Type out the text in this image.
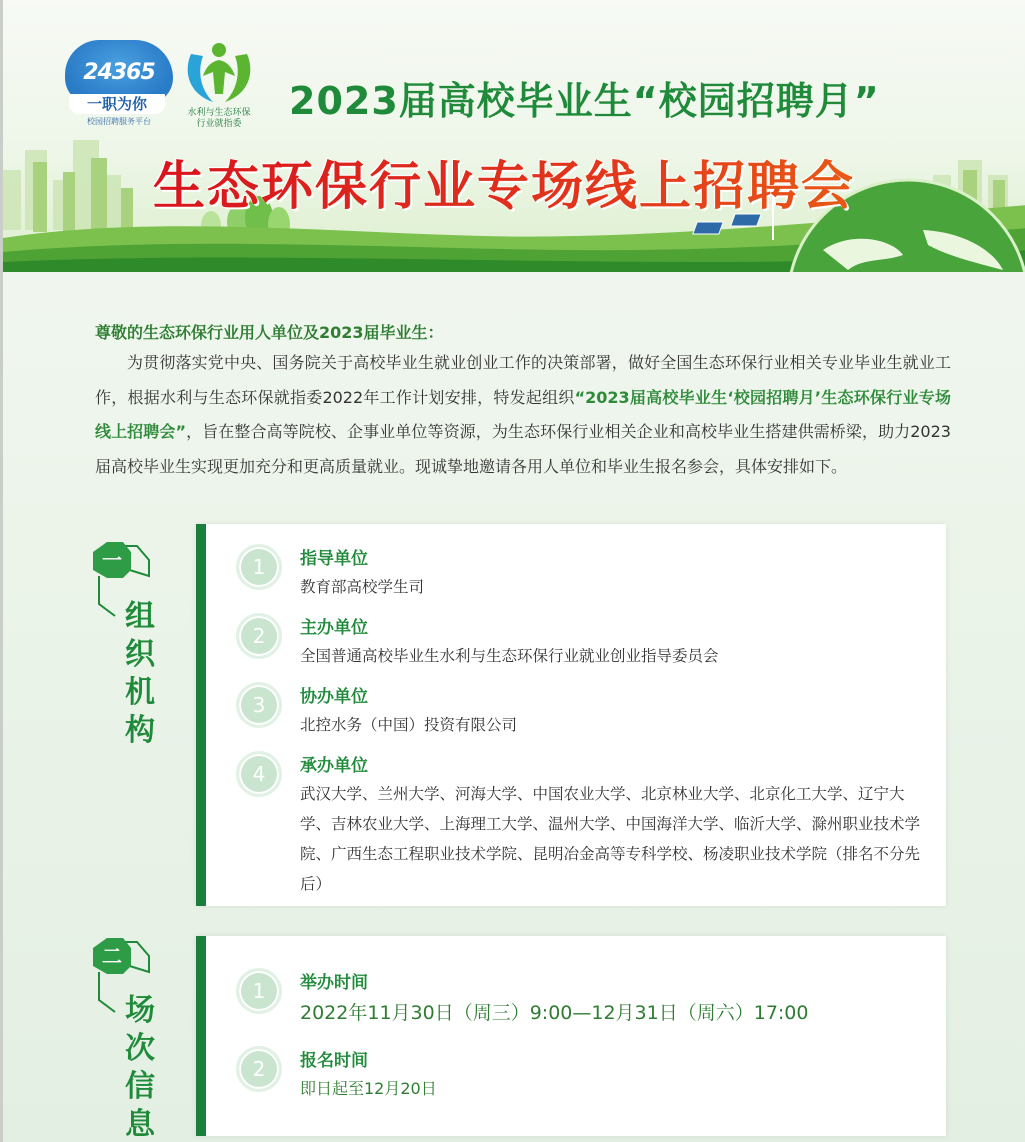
24365
一职为你
校园招聘服务平台
水利与生态环保
行业就指委
2023届高校毕业生“校园招聘月”
生态环保行业专场线上招聘会
尊敬的生态环保行业用人单位及2023届毕业生：

为贯彻落实党中央、国务院关于高校毕业生就业创业工作的决策部署，做好全国生态环保行业相关专业毕业生就业工作，根据水利与生态环保就指委2022年工作计划安排，特发起组织“2023届高校毕业生‘校园招聘月’生态环保行业专场线上招聘会”，旨在整合高等院校、企事业单位等资源，为生态环保行业相关企业和高校毕业生搭建供需桥梁，助力2023届高校毕业生实现更加充分和更高质量就业。现诚挚地邀请各用人单位和毕业生报名参会，具体安排如下。

一
组
织
机
构
1	指导单位
教育部高校学生司
2	主办单位
全国普通高校毕业生水利与生态环保行业就业创业指导委员会
3	协办单位
北控水务（中国）投资有限公司
4	承办单位
武汉大学、兰州大学、河海大学、中国农业大学、北京林业大学、北京化工大学、辽宁大学、吉林农业大学、上海理工大学、温州大学、中国海洋大学、临沂大学、滁州职业技术学院、广西生态工程职业技术学院、昆明冶金高等专科学校、杨凌职业技术学院（排名不分先后）
二
场
次
信
息
1	举办时间
2022年11月30日（周三）9:00—12月31日（周六）17:00
2	报名时间
即日起至12月20日
